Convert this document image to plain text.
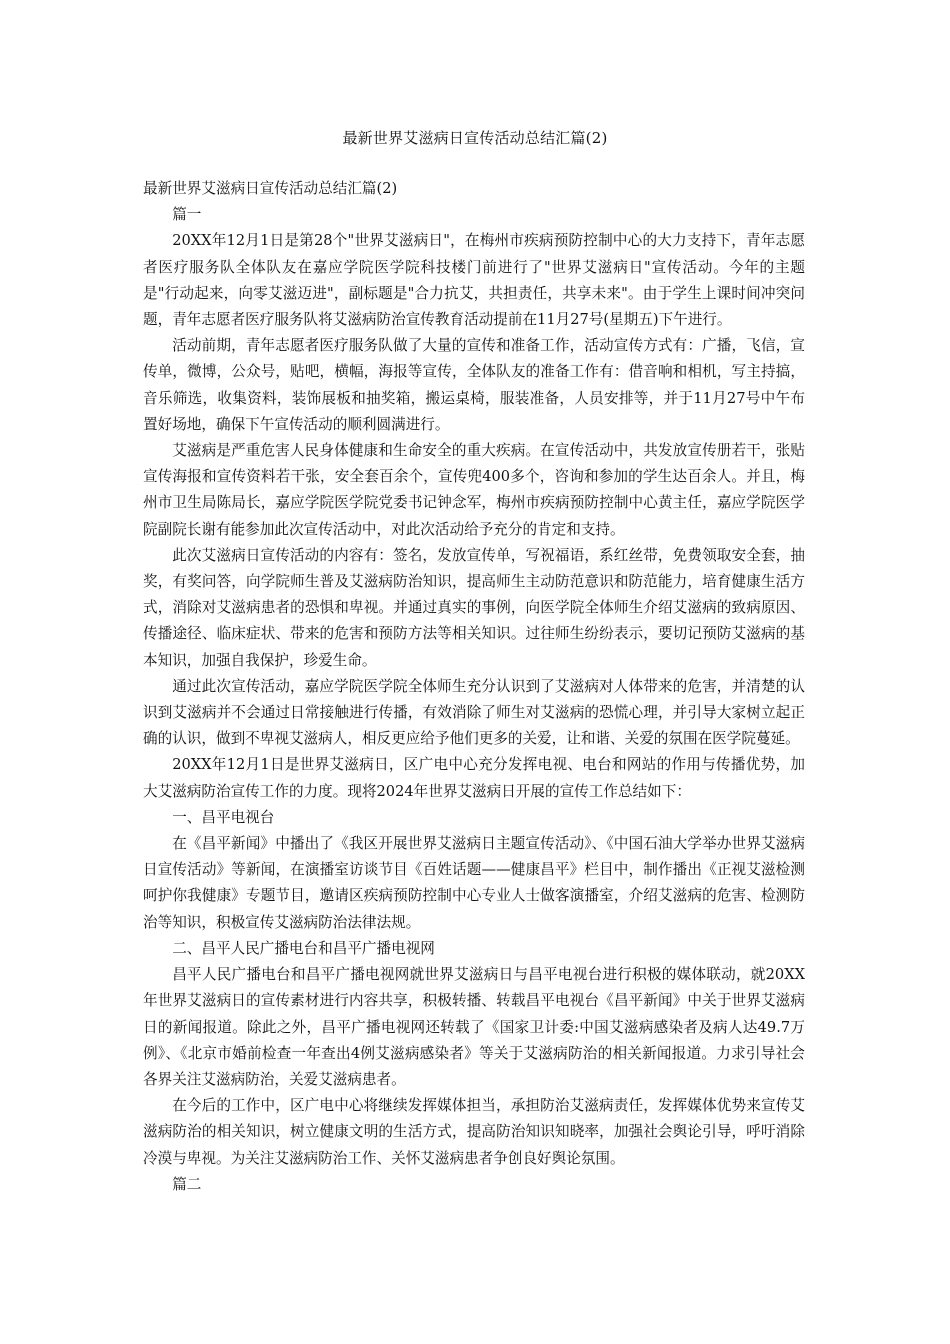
最新世界艾滋病日宣传活动总结汇篇(2)

最新世界艾滋病日宣传活动总结汇篇(2)

篇一

20XX年12月1日是第28个"世界艾滋病日"，在梅州市疾病预防控制中心的大力支持下，青年志愿者医疗服务队全体队友在嘉应学院医学院科技楼门前进行了"世界艾滋病日"宣传活动。今年的主题是"行动起来，向零艾滋迈进"，副标题是"合力抗艾，共担责任，共享未来"。由于学生上课时间冲突问题，青年志愿者医疗服务队将艾滋病防治宣传教育活动提前在11月27号(星期五)下午进行。

活动前期，青年志愿者医疗服务队做了大量的宣传和准备工作，活动宣传方式有：广播，飞信，宣传单，微博，公众号，贴吧，横幅，海报等宣传，全体队友的准备工作有：借音响和相机，写主持搞，音乐筛选，收集资料，装饰展板和抽奖箱，搬运桌椅，服装准备，人员安排等，并于11月27号中午布置好场地，确保下午宣传活动的顺利圆满进行。

艾滋病是严重危害人民身体健康和生命安全的重大疾病。在宣传活动中，共发放宣传册若干，张贴宣传海报和宣传资料若干张，安全套百余个，宣传兜400多个，咨询和参加的学生达百余人。并且，梅州市卫生局陈局长，嘉应学院医学院党委书记钟念军，梅州市疾病预防控制中心黄主任，嘉应学院医学院副院长谢有能参加此次宣传活动中，对此次活动给予充分的肯定和支持。

此次艾滋病日宣传活动的内容有：签名，发放宣传单，写祝福语，系红丝带，免费领取安全套，抽奖，有奖问答，向学院师生普及艾滋病防治知识，提高师生主动防范意识和防范能力，培育健康生活方式，消除对艾滋病患者的恐惧和卑视。并通过真实的事例，向医学院全体师生介绍艾滋病的致病原因、传播途径、临床症状、带来的危害和预防方法等相关知识。过往师生纷纷表示，要切记预防艾滋病的基本知识，加强自我保护，珍爱生命。

通过此次宣传活动，嘉应学院医学院全体师生充分认识到了艾滋病对人体带来的危害，并清楚的认识到艾滋病并不会通过日常接触进行传播，有效消除了师生对艾滋病的恐慌心理，并引导大家树立起正确的认识，做到不卑视艾滋病人，相反更应给予他们更多的关爱，让和谐、关爱的氛围在医学院蔓延。

20XX年12月1日是世界艾滋病日，区广电中心充分发挥电视、电台和网站的作用与传播优势，加大艾滋病防治宣传工作的力度。现将2024年世界艾滋病日开展的宣传工作总结如下：

一、昌平电视台

在《昌平新闻》中播出了《我区开展世界艾滋病日主题宣传活动》、《中国石油大学举办世界艾滋病日宣传活动》等新闻，在演播室访谈节目《百姓话题——健康昌平》栏目中，制作播出《正视艾滋检测呵护你我健康》专题节目，邀请区疾病预防控制中心专业人士做客演播室，介绍艾滋病的危害、检测防治等知识，积极宣传艾滋病防治法律法规。

二、昌平人民广播电台和昌平广播电视网

昌平人民广播电台和昌平广播电视网就世界艾滋病日与昌平电视台进行积极的媒体联动，就20XX年世界艾滋病日的宣传素材进行内容共享，积极转播、转载昌平电视台《昌平新闻》中关于世界艾滋病日的新闻报道。除此之外，昌平广播电视网还转载了《国家卫计委:中国艾滋病感染者及病人达49.7万例》、《北京市婚前检查一年查出4例艾滋病感染者》等关于艾滋病防治的相关新闻报道。力求引导社会各界关注艾滋病防治，关爱艾滋病患者。

在今后的工作中，区广电中心将继续发挥媒体担当，承担防治艾滋病责任，发挥媒体优势来宣传艾滋病防治的相关知识，树立健康文明的生活方式，提高防治知识知晓率，加强社会舆论引导，呼吁消除冷漠与卑视。为关注艾滋病防治工作、关怀艾滋病患者争创良好舆论氛围。

篇二
